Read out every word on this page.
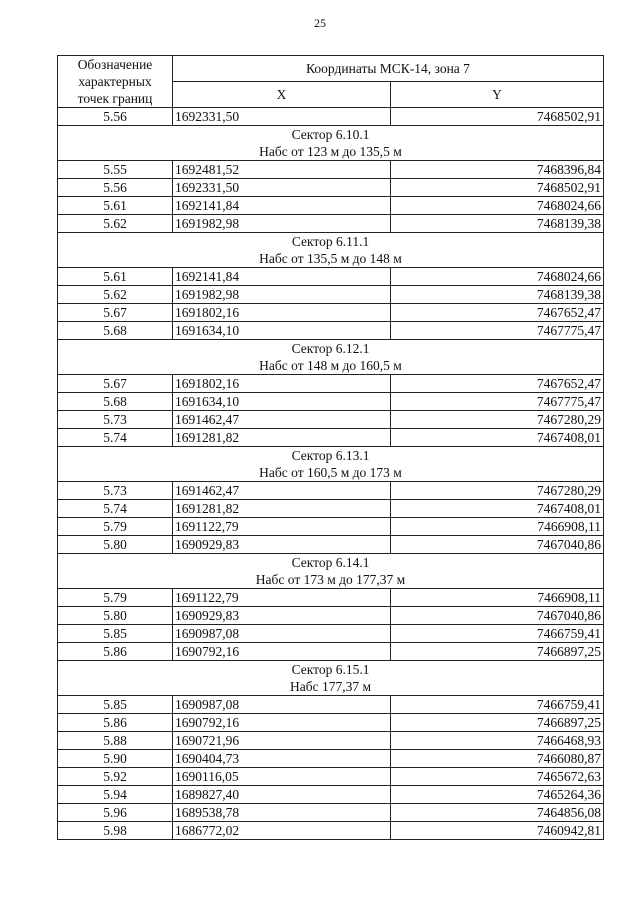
25
Обозначение
характерных
точек границ	Координаты МСК-14, зона 7	
	X	Y
5.56	1692331,50	7468502,91

Сектор 6.10.1
Набс от 123 м до 135,5 м		

5.55	1692481,52	7468396,84
5.56	1692331,50	7468502,91
5.61	1692141,84	7468024,66
5.62	1691982,98	7468139,38

Сектор 6.11.1
Набс от 135,5 м до 148 м		

5.61	1692141,84	7468024,66
5.62	1691982,98	7468139,38
5.67	1691802,16	7467652,47
5.68	1691634,10	7467775,47

Сектор 6.12.1
Набс от 148 м до 160,5 м		

5.67	1691802,16	7467652,47
5.68	1691634,10	7467775,47
5.73	1691462,47	7467280,29
5.74	1691281,82	7467408,01

Сектор 6.13.1
Набс от 160,5 м до 173 м		

5.73	1691462,47	7467280,29
5.74	1691281,82	7467408,01
5.79	1691122,79	7466908,11
5.80	1690929,83	7467040,86

Сектор 6.14.1
Набс от 173 м до 177,37 м		

5.79	1691122,79	7466908,11
5.80	1690929,83	7467040,86
5.85	1690987,08	7466759,41
5.86	1690792,16	7466897,25

Сектор 6.15.1
Набс 177,37 м		

5.85	1690987,08	7466759,41
5.86	1690792,16	7466897,25
5.88	1690721,96	7466468,93
5.90	1690404,73	7466080,87
5.92	1690116,05	7465672,63
5.94	1689827,40	7465264,36
5.96	1689538,78	7464856,08
5.98	1686772,02	7460942,81
